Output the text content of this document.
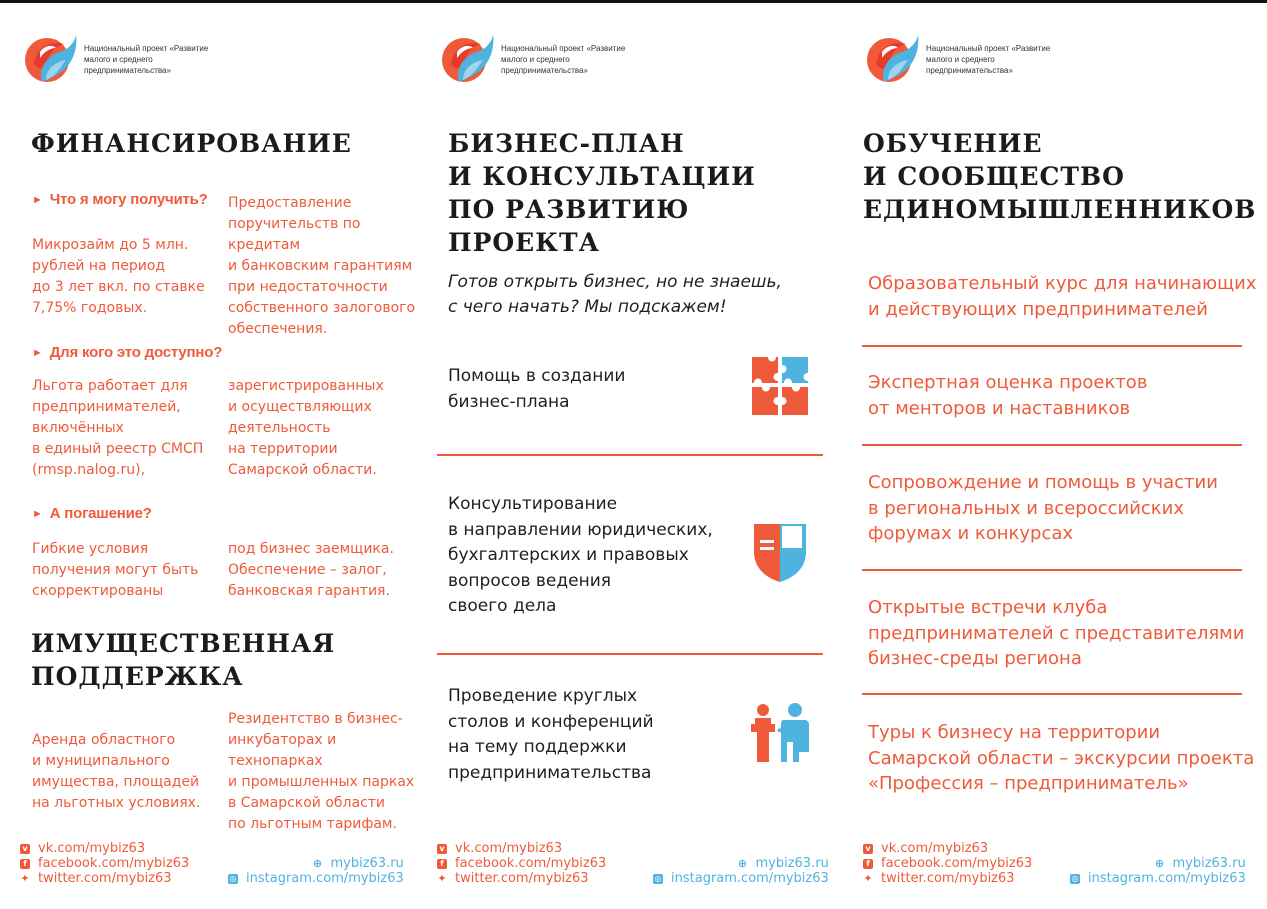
Национальный проект «Развитие малого и среднего предпринимательства»
ФИНАНСИРОВАНИЕ
► Что я могу получить?

Микрозайм до 5 млн.
рублей на период
до 3 лет вкл. по ставке
7,75% годовых.

Предоставление
поручительств по кредитам
и банковским гарантиям
при недостаточности
собственного залогового
обеспечения.

► Для кого это доступно?

Льгота работает для
предпринимателей,
включённых
в единый реестр СМСП
(rmsp.nalog.ru),

зарегистрированных
и осуществляющих
деятельность
на территории
Самарской области.

► А погашение?

Гибкие условия
получения могут быть
скорректированы

под бизнес заемщика.
Обеспечение – залог,
банковская гарантия.

ИМУЩЕСТВЕННАЯ
ПОДДЕРЖКА

Аренда областного
и муниципального
имущества, площадей
на льготных условиях.

Резидентство в бизнес-
инкубаторах и технопарках
и промышленных парках
в Самарской области
по льготным тарифам.

v vk.com/mybiz63
f facebook.com/mybiz63
✦ twitter.com/mybiz63
⊕ mybiz63.ru
◎ instagram.com/mybiz63
Национальный проект «Развитие малого и среднего предпринимательства»
БИЗНЕС-ПЛАН
И КОНСУЛЬТАЦИИ
ПО РАЗВИТИЮ
ПРОЕКТА

Готов открыть бизнес, но не знаешь,
с чего начать? Мы подскажем!

Помощь в создании
бизнес-плана

Консультирование
в направлении юридических,
бухгалтерских и правовых
вопросов ведения
своего дела

Проведение круглых
столов и конференций
на тему поддержки
предпринимательства

v vk.com/mybiz63
f facebook.com/mybiz63
✦ twitter.com/mybiz63
⊕ mybiz63.ru
◎ instagram.com/mybiz63
Национальный проект «Развитие малого и среднего предпринимательства»
ОБУЧЕНИЕ
И СООБЩЕСТВО
ЕДИНОМЫШЛЕННИКОВ

Образовательный курс для начинающих
и действующих предпринимателей

Экспертная оценка проектов
от менторов и наставников

Сопровождение и помощь в участии
в региональных и всероссийских
форумах и конкурсах

Открытые встречи клуба
предпринимателей с представителями
бизнес-среды региона

Туры к бизнесу на территории
Самарской области – экскурсии проекта
«Профессия – предприниматель»

v vk.com/mybiz63
f facebook.com/mybiz63
✦ twitter.com/mybiz63
⊕ mybiz63.ru
◎ instagram.com/mybiz63
